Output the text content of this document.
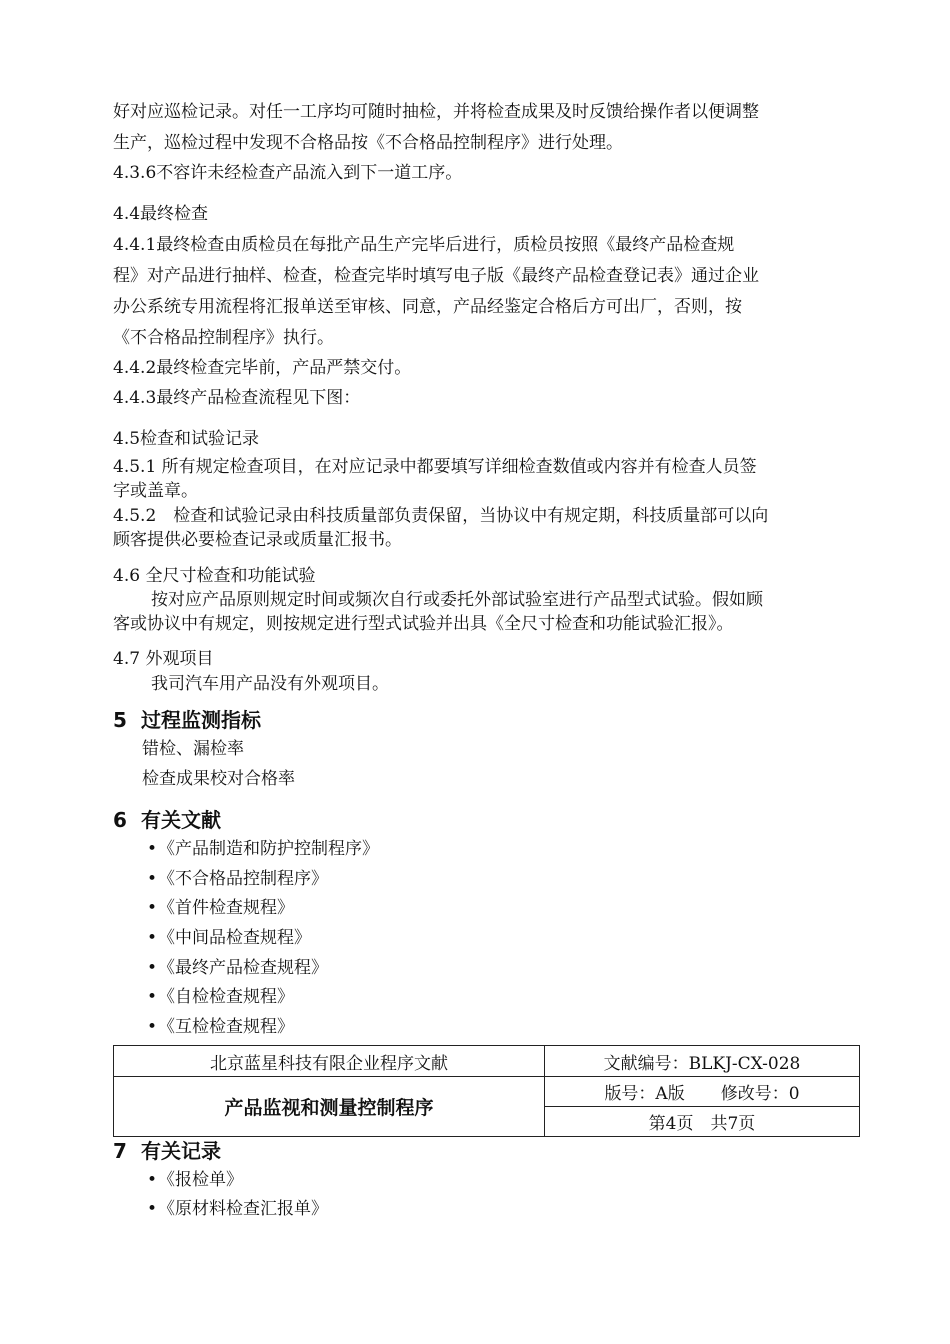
好对应巡检记录。对任一工序均可随时抽检，并将检查成果及时反馈给操作者以便调整
生产，巡检过程中发现不合格品按《不合格品控制程序》进行处理。
4.3.6不容许未经检查产品流入到下一道工序。
4.4最终检查
4.4.1最终检查由质检员在每批产品生产完毕后进行，质检员按照《最终产品检查规
程》对产品进行抽样、检查，检查完毕时填写电子版《最终产品检查登记表》通过企业
办公系统专用流程将汇报单送至审核、同意，产品经鉴定合格后方可出厂，否则，按
《不合格品控制程序》执行。
4.4.2最终检查完毕前，产品严禁交付。
4.4.3最终产品检查流程见下图：
4.5检查和试验记录
4.5.1 所有规定检查项目，在对应记录中都要填写详细检查数值或内容并有检查人员签
字或盖章。
4.5.2　检查和试验记录由科技质量部负责保留，当协议中有规定期，科技质量部可以向
顾客提供必要检查记录或质量汇报书。
4.6 全尺寸检查和功能试验
按对应产品原则规定时间或频次自行或委托外部试验室进行产品型式试验。假如顾
客或协议中有规定，则按规定进行型式试验并出具《全尺寸检查和功能试验汇报》。
4.7 外观项目
我司汽车用产品没有外观项目。
5 过程监测指标
错检、漏检率
检查成果校对合格率
6 有关文献
•《产品制造和防护控制程序》
•《不合格品控制程序》
•《首件检查规程》
•《中间品检查规程》
•《最终产品检查规程》
•《自检检查规程》
•《互检检查规程》
北京蓝星科技有限企业程序文献	文献编号：BLKJ-CX-028
产品监视和测量控制程序	版号：A版 修改号：0
	第4页　共7页
7 有关记录
•《报检单》
•《原材料检查汇报单》
